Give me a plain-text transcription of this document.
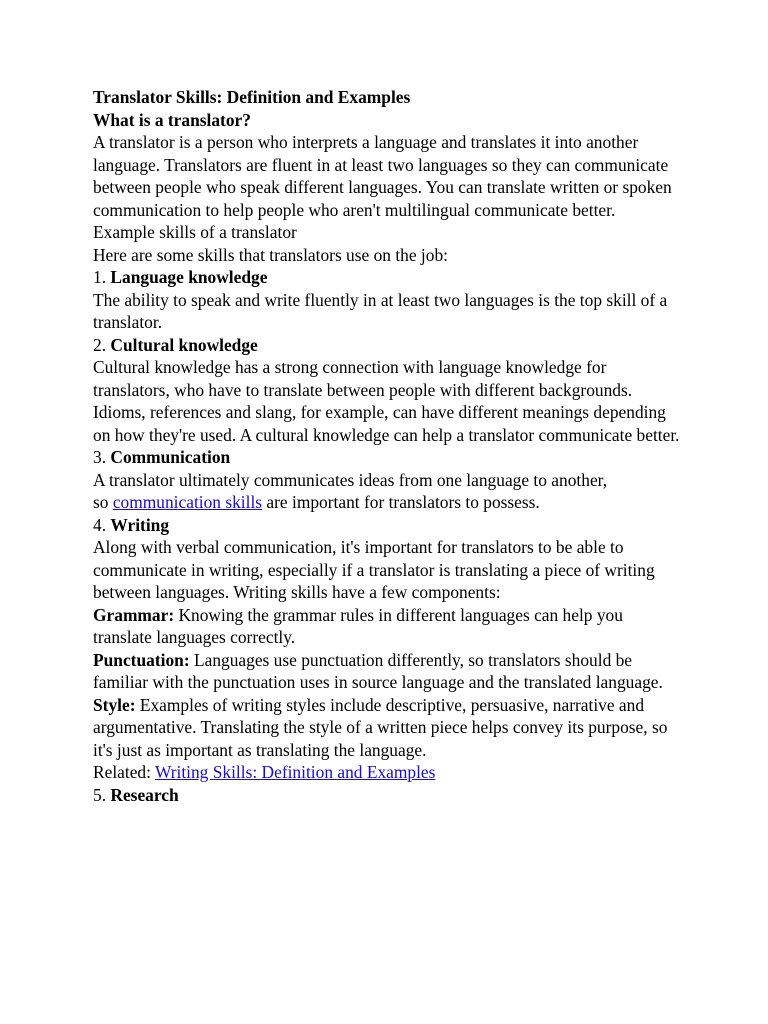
Translator Skills: Definition and Examples

What is a translator?

A translator is a person who interprets a language and translates it into another language. Translators are fluent in at least two languages so they can communicate between people who speak different languages. You can translate written or spoken communication to help people who aren't multilingual communicate better.

Example skills of a translator

Here are some skills that translators use on the job:

1. Language knowledge

The ability to speak and write fluently in at least two languages is the top skill of a translator.

2. Cultural knowledge

Cultural knowledge has a strong connection with language knowledge for translators, who have to translate between people with different backgrounds. Idioms, references and slang, for example, can have different meanings depending on how they're used. A cultural knowledge can help a translator communicate better.

3. Communication

A translator ultimately communicates ideas from one language to another,
so communication skills are important for translators to possess.

4. Writing

Along with verbal communication, it's important for translators to be able to communicate in writing, especially if a translator is translating a piece of writing between languages. Writing skills have a few components:

Grammar: Knowing the grammar rules in different languages can help you translate languages correctly.

Punctuation: Languages use punctuation differently, so translators should be familiar with the punctuation uses in source language and the translated language.

Style: Examples of writing styles include descriptive, persuasive, narrative and argumentative. Translating the style of a written piece helps convey its purpose, so it's just as important as translating the language.

Related: Writing Skills: Definition and Examples

5. Research
